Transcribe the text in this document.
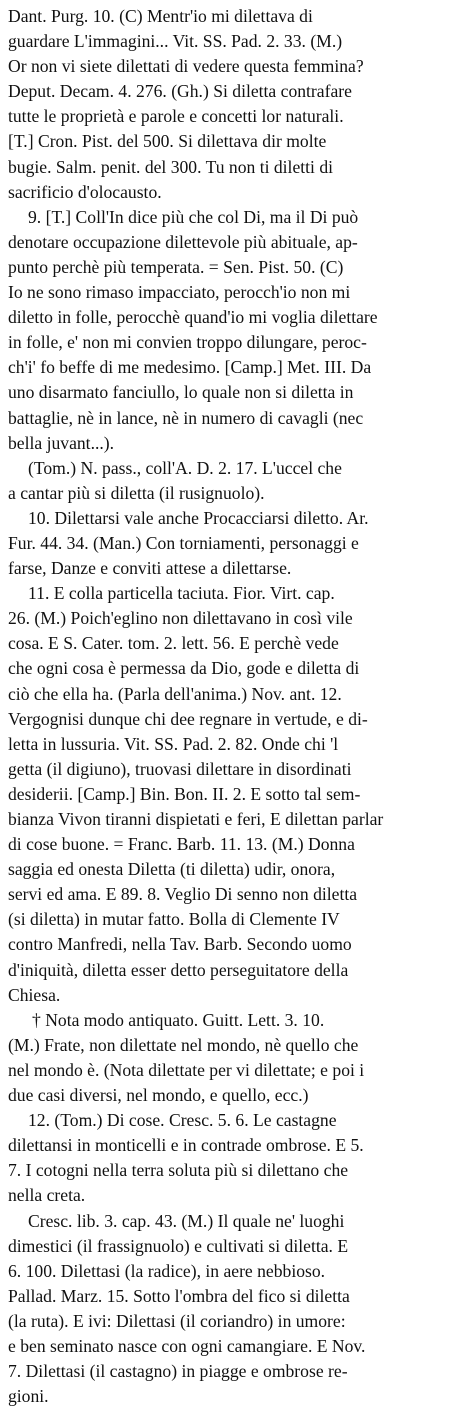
Dant. Purg. 10. (C) Mentr'io mi dilettava di
guardare L'immagini... Vit. SS. Pad. 2. 33. (M.)
Or non vi siete dilettati di vedere questa femmina?
Deput. Decam. 4. 276. (Gh.) Si diletta contrafare
tutte le proprietà e parole e concetti lor naturali.
[T.] Cron. Pist. del 500. Si dilettava dir molte
bugie. Salm. penit. del 300. Tu non ti diletti di
sacrificio d'olocausto.
9. [T.] Coll'In dice più che col Di, ma il Di può
denotare occupazione dilettevole più abituale, ap-
punto perchè più temperata. = Sen. Pist. 50. (C)
Io ne sono rimaso impacciato, perocch'io non mi
diletto in folle, perocchè quand'io mi voglia dilettare
in folle, e' non mi convien troppo dilungare, peroc-
ch'i' fo beffe di me medesimo. [Camp.] Met. III. Da
uno disarmato fanciullo, lo quale non si diletta in
battaglie, nè in lance, nè in numero di cavagli (nec
bella juvant...).
(Tom.) N. pass., coll'A. D. 2. 17. L'uccel che
a cantar più si diletta (il rusignuolo).
10. Dilettarsi vale anche Procacciarsi diletto. Ar.
Fur. 44. 34. (Man.) Con torniamenti, personaggi e
farse, Danze e conviti attese a dilettarse.
11. E colla particella taciuta. Fior. Virt. cap.
26. (M.) Poich'eglino non dilettavano in così vile
cosa. E S. Cater. tom. 2. lett. 56. E perchè vede
che ogni cosa è permessa da Dio, gode e diletta di
ciò che ella ha. (Parla dell'anima.) Nov. ant. 12.
Vergognisi dunque chi dee regnare in vertude, e di-
letta in lussuria. Vit. SS. Pad. 2. 82. Onde chi 'l
getta (il digiuno), truovasi dilettare in disordinati
desiderii. [Camp.] Bin. Bon. II. 2. E sotto tal sem-
bianza Vivon tiranni dispietati e feri, E dilettan parlar
di cose buone. = Franc. Barb. 11. 13. (M.) Donna
saggia ed onesta Diletta (ti diletta) udir, onora,
servi ed ama. E 89. 8. Veglio Di senno non diletta
(si diletta) in mutar fatto. Bolla di Clemente IV
contro Manfredi, nella Tav. Barb. Secondo uomo
d'iniquità, diletta esser detto perseguitatore della
Chiesa.
† Nota modo antiquato. Guitt. Lett. 3. 10.
(M.) Frate, non dilettate nel mondo, nè quello che
nel mondo è. (Nota dilettate per vi dilettate; e poi i
due casi diversi, nel mondo, e quello, ecc.)
12. (Tom.) Di cose. Cresc. 5. 6. Le castagne
dilettansi in monticelli e in contrade ombrose. E 5.
7. I cotogni nella terra soluta più si dilettano che
nella creta.
Cresc. lib. 3. cap. 43. (M.) Il quale ne' luoghi
dimestici (il frassignuolo) e cultivati si diletta. E
6. 100. Dilettasi (la radice), in aere nebbioso.
Pallad. Marz. 15. Sotto l'ombra del fico si diletta
(la ruta). E ivi: Dilettasi (il coriandro) in umore:
e ben seminato nasce con ogni camangiare. E Nov.
7. Dilettasi (il castagno) in piagge e ombrose re-
gioni.
